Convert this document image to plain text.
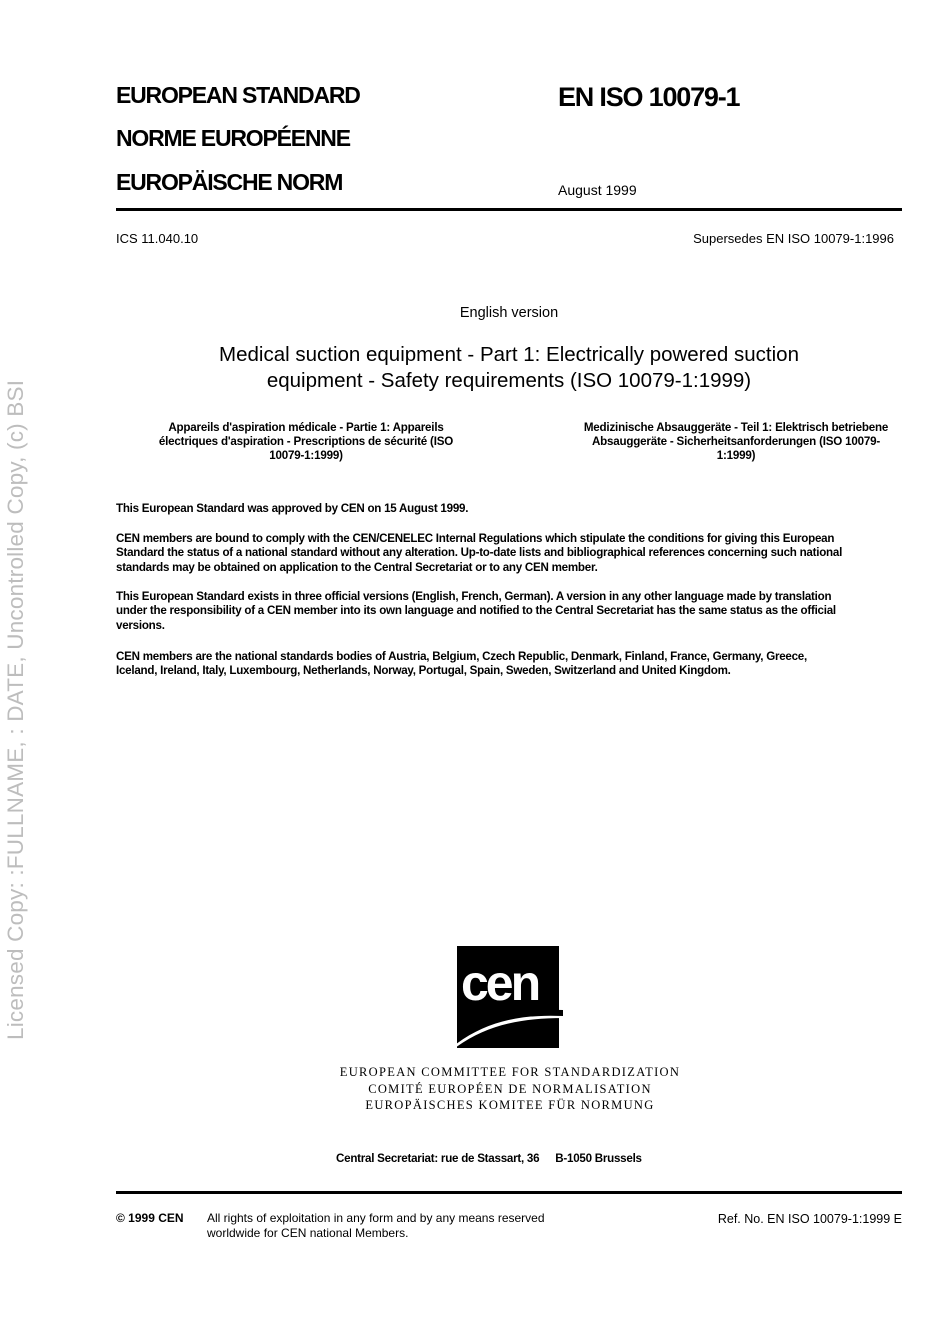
Licensed Copy: :FULLNAME, : DATE, Uncontrolled Copy, (c) BSI
EUROPEAN STANDARD
NORME EUROPÉENNE
EUROPÄISCHE NORM
EN ISO 10079-1
August 1999
ICS 11.040.10	Supersedes EN ISO 10079-1:1996
English version
Medical suction equipment - Part 1: Electrically powered suction
equipment - Safety requirements (ISO 10079-1:1999)
Appareils d'aspiration médicale - Partie 1: Appareils
électriques d'aspiration - Prescriptions de sécurité (ISO
10079-1:1999)
Medizinische Absauggeräte - Teil 1: Elektrisch betriebene
Absauggeräte - Sicherheitsanforderungen (ISO 10079-
1:1999)
This European Standard was approved by CEN on 15 August 1999.
CEN members are bound to comply with the CEN/CENELEC Internal Regulations which stipulate the conditions for giving this European
Standard the status of a national standard without any alteration. Up-to-date lists and bibliographical references concerning such national
standards may be obtained on application to the Central Secretariat or to any CEN member.
This European Standard exists in three official versions (English, French, German). A version in any other language made by translation
under the responsibility of a CEN member into its own language and notified to the Central Secretariat has the same status as the official
versions.
CEN members are the national standards bodies of Austria, Belgium, Czech Republic, Denmark, Finland, France, Germany, Greece,
Iceland, Ireland, Italy, Luxembourg, Netherlands, Norway, Portugal, Spain, Sweden, Switzerland and United Kingdom.
cen
EUROPEAN COMMITTEE FOR STANDARDIZATION
COMITÉ EUROPÉEN DE NORMALISATION
EUROPÄISCHES KOMITEE FÜR NORMUNG
Central Secretariat: rue de Stassart, 36 B-1050 Brussels
© 1999 CEN All rights of exploitation in any form and by any means reserved
worldwide for CEN national Members.
Ref. No. EN ISO 10079-1:1999 E
